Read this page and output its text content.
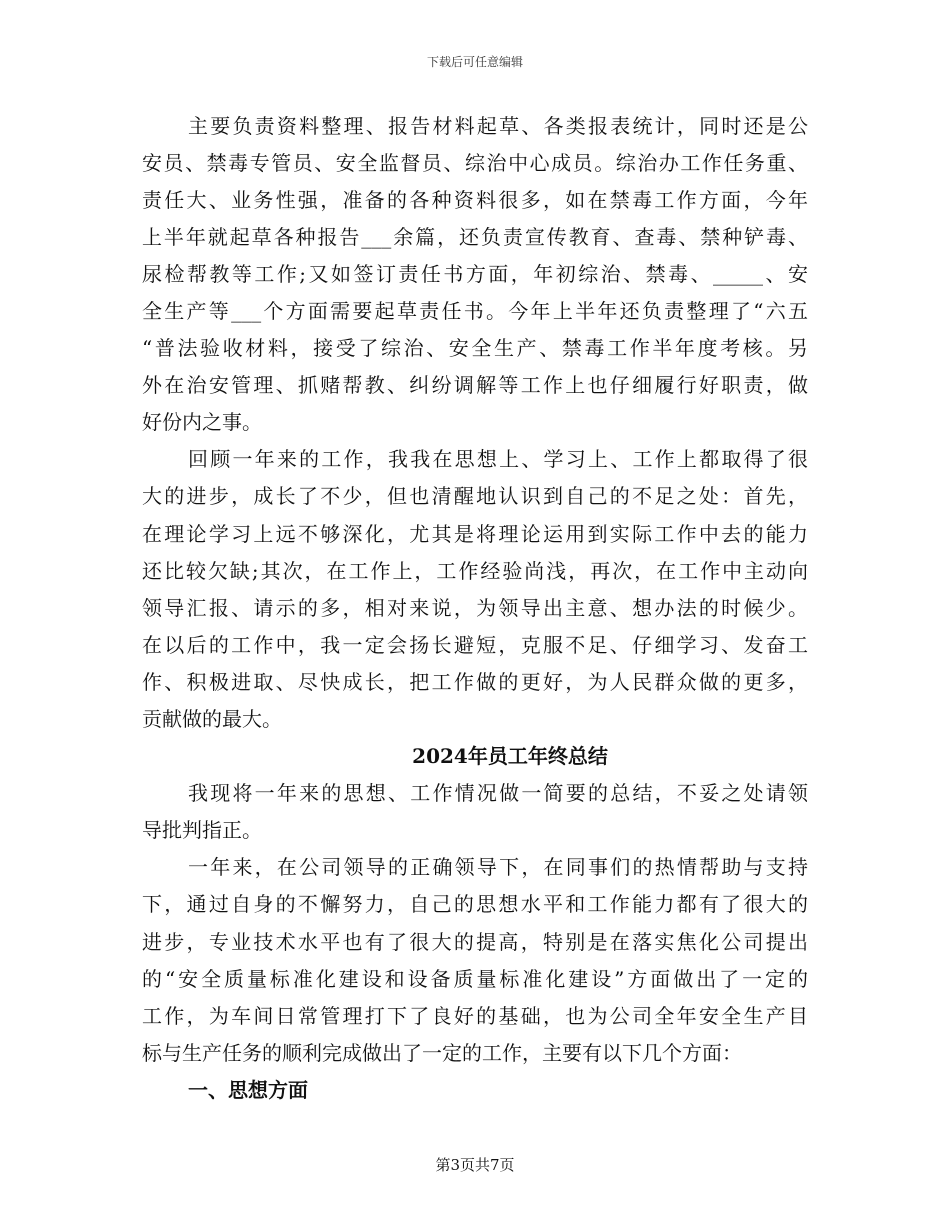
下载后可任意编辑
主要负责资料整理、报告材料起草、各类报表统计，同时还是公
安员、禁毒专管员、安全监督员、综治中心成员。综治办工作任务重、
责任大、业务性强，准备的各种资料很多，如在禁毒工作方面，今年
上半年就起草各种报告___余篇，还负责宣传教育、查毒、禁种铲毒、
尿检帮教等工作;又如签订责任书方面，年初综治、禁毒、_____、安
全生产等___个方面需要起草责任书。今年上半年还负责整理了“六五
“普法验收材料，接受了综治、安全生产、禁毒工作半年度考核。另
外在治安管理、抓赌帮教、纠纷调解等工作上也仔细履行好职责，做
好份内之事。
回顾一年来的工作，我我在思想上、学习上、工作上都取得了很
大的进步，成长了不少，但也清醒地认识到自己的不足之处：首先，
在理论学习上远不够深化，尤其是将理论运用到实际工作中去的能力
还比较欠缺;其次，在工作上，工作经验尚浅，再次，在工作中主动向
领导汇报、请示的多，相对来说，为领导出主意、想办法的时候少。
在以后的工作中，我一定会扬长避短，克服不足、仔细学习、发奋工
作、积极进取、尽快成长，把工作做的更好，为人民群众做的更多，
贡献做的最大。
2024年员工年终总结
我现将一年来的思想、工作情况做一简要的总结，不妥之处请领
导批判指正。
一年来，在公司领导的正确领导下，在同事们的热情帮助与支持
下，通过自身的不懈努力，自己的思想水平和工作能力都有了很大的
进步，专业技术水平也有了很大的提高，特别是在落实焦化公司提出
的“安全质量标准化建设和设备质量标准化建设”方面做出了一定的
工作，为车间日常管理打下了良好的基础，也为公司全年安全生产目
标与生产任务的顺利完成做出了一定的工作，主要有以下几个方面：
一、思想方面
第3页共7页
